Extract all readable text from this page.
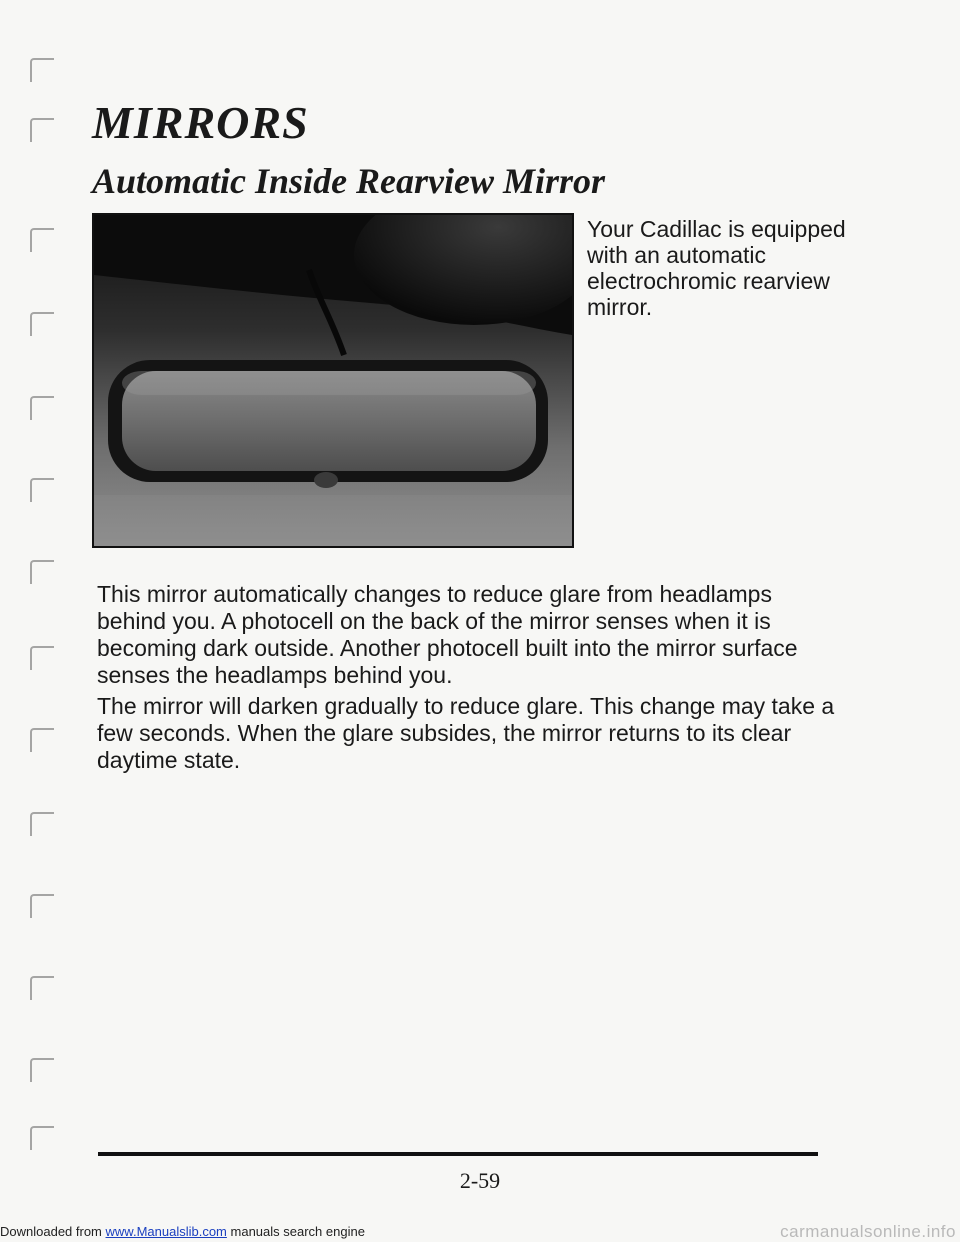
MIRRORS
Automatic Inside Rearview Mirror
Your Cadillac is equipped with an automatic electrochromic rearview mirror.

This mirror automatically changes to reduce glare from headlamps behind you. A photocell on the back of the mirror senses when it is becoming dark outside. Another photocell built into the mirror surface senses the headlamps behind you.

The mirror will darken gradually to reduce glare. This change may take a few seconds. When the glare subsides, the mirror returns to its clear daytime state.

2-59
Downloaded from www.Manualslib.com manuals search engine	carmanualsonline.info
